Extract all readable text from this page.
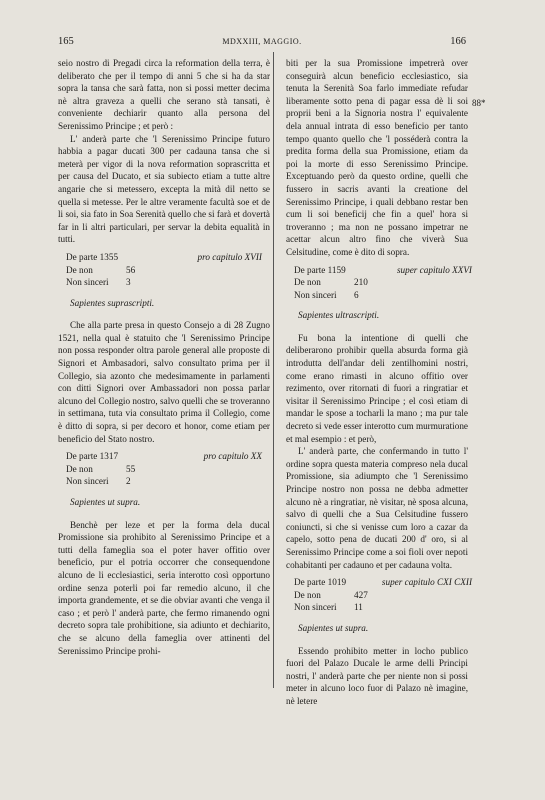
165	MDXXIII, MAGGIO.	166
88*

seio nostro di Pregadi circa la reformation della terra, è deliberato che per il tempo di anni 5 che si ha da star sopra la tansa che sarà fatta, non si possi metter decima nè altra graveza a quelli che serano stà tansati, è conveniente dechiarir quanto alla persona del Serenissimo Principe ; et però :

L' anderà parte che 'l Serenissimo Principe futuro habbia a pagar ducati 300 per cadauna tansa che si meterà per vigor di la nova reformation soprascritta et per causa del Ducato, et sia subiecto etiam a tutte altre angarie che si metessero, excepta la mità dil netto se quella si metesse. Per le altre veramente facultà soe et de li soi, sia fato in Soa Serenità quello che si farà et dovertà far in li altri particulari, per servar la debita equalità in tutti.

De parte 1355	pro capitulo XVII
De non	56
Non sinceri	3
Sapientes suprascripti.

Che alla parte presa in questo Consejo a di 28 Zugno 1521, nella qual è statuito che 'l Serenissimo Principe non possa responder oltra parole general alle proposte di Signori et Ambasadori, salvo consultato prima per il Collegio, sia azonto che medesimamente in parlamenti con ditti Signori over Ambassadori non possa parlar alcuno del Collegio nostro, salvo quelli che se troveranno in settimana, tuta via consultato prima il Collegio, come è ditto di sopra, si per decoro et honor, come etiam per beneficio del Stato nostro.

De parte 1317	pro capitulo XX
De non	55
Non sinceri	2
Sapientes ut supra.

Benchè per leze et per la forma dela ducal Promissione sia prohibito al Serenissimo Principe et a tutti della fameglia soa el poter haver offitio over beneficio, pur el potria occorrer che consequendone alcuno de li ecclesiastici, seria interotto così opportuno ordine senza poterli poi far remedio alcuno, il che importa grandemente, et se die obviar avanti che venga il caso ; et però l' anderà parte, che fermo rimanendo ogni decreto sopra tale prohibitione, sia adiunto et dechiarito, che se alcuno della fameglia over attinenti del Serenissimo Principe prohi-

biti per la sua Promissione impetrerà over conseguirà alcun beneficio ecclesiastico, sia tenuta la Serenità Soa farlo immediate refudar liberamente sotto pena di pagar essa dè li soi proprii beni a la Signoria nostra l' equivalente dela annual intrata di esso beneficio per tanto tempo quanto quello che 'l posséderà contra la predita forma della sua Promissione, etiam da poi la morte di esso Serenissimo Principe. Exceptuando però da questo ordine, quelli che fussero in sacris avanti la creatione del Serenissimo Principe, i quali debbano restar ben cum li soi beneficij che fin a quel' hora si troveranno ; ma non ne possano impetrar ne acettar alcun altro fino che viverà Sua Celsitudine, come è dito di sopra.

De parte 1159	super capitulo XXVI
De non	210
Non sinceri	6
Sapientes ultrascripti.

Fu bona la intentione di quelli che deliberarono prohibir quella absurda forma già introdutta dell'andar deli zentilhomini nostri, come erano rimasti in alcuno offitio over rezimento, over ritornati di fuori a ringratiar et visitar il Serenissimo Principe ; el così etiam di mandar le spose a tocharli la mano ; ma pur tale decreto si vede esser interotto cum murmuratione et mal esempio : et però,

L' anderà parte, che confermando in tutto l' ordine sopra questa materia compreso nela ducal Promissione, sia adiumpto che 'l Serenissimo Principe nostro non possa ne debba admetter alcuno nè a ringratiar, nè visitar, nè sposa alcuna, salvo di quelli che a Sua Celsitudine fussero coniuncti, si che si venisse cum loro a cazar da capelo, sotto pena de ducati 200 d' oro, si al Serenissimo Principe come a soi fioli over nepoti cohabitanti per cadauno et per cadauna volta.

De parte 1019	super capitulo CXI CXII
De non	427
Non sinceri	11
Sapientes ut supra.

Essendo prohibito metter in locho publico fuori del Palazo Ducale le arme delli Principi nostri, l' anderà parte che per niente non si possi meter in alcuno loco fuor di Palazo nè imagine, nè letere
